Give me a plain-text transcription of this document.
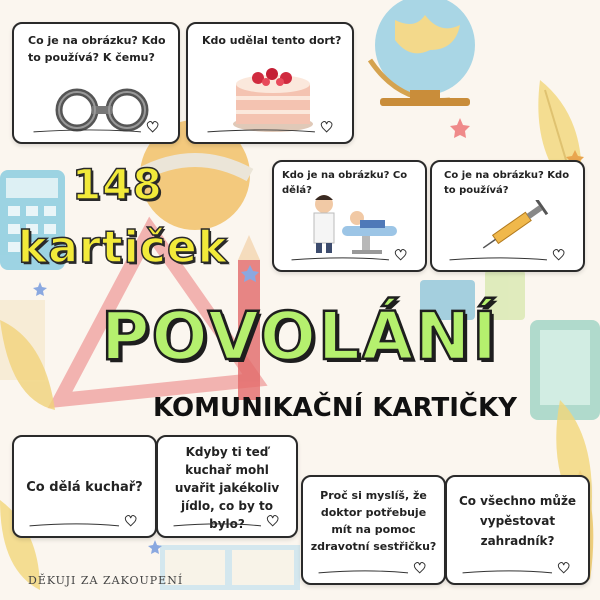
Co je na obrázku? Kdo to používá? K čemu?
Kdo udělal tento dort?
148
kartiček
Kdo je na obrázku? Co dělá?
Co je na obrázku? Kdo to používá?
POVOLÁNÍ
KOMUNIKAČNÍ KARTIČKY
Co dělá kuchař?
Kdyby ti teď kuchař mohl uvařit jakékoliv jídlo, co by to bylo?
Proč si myslíš, že doktor potřebuje mít na pomoc zdravotní sestřičku?
Co všechno může vypěstovat zahradník?
DĚKUJI ZA ZAKOUPENÍ
